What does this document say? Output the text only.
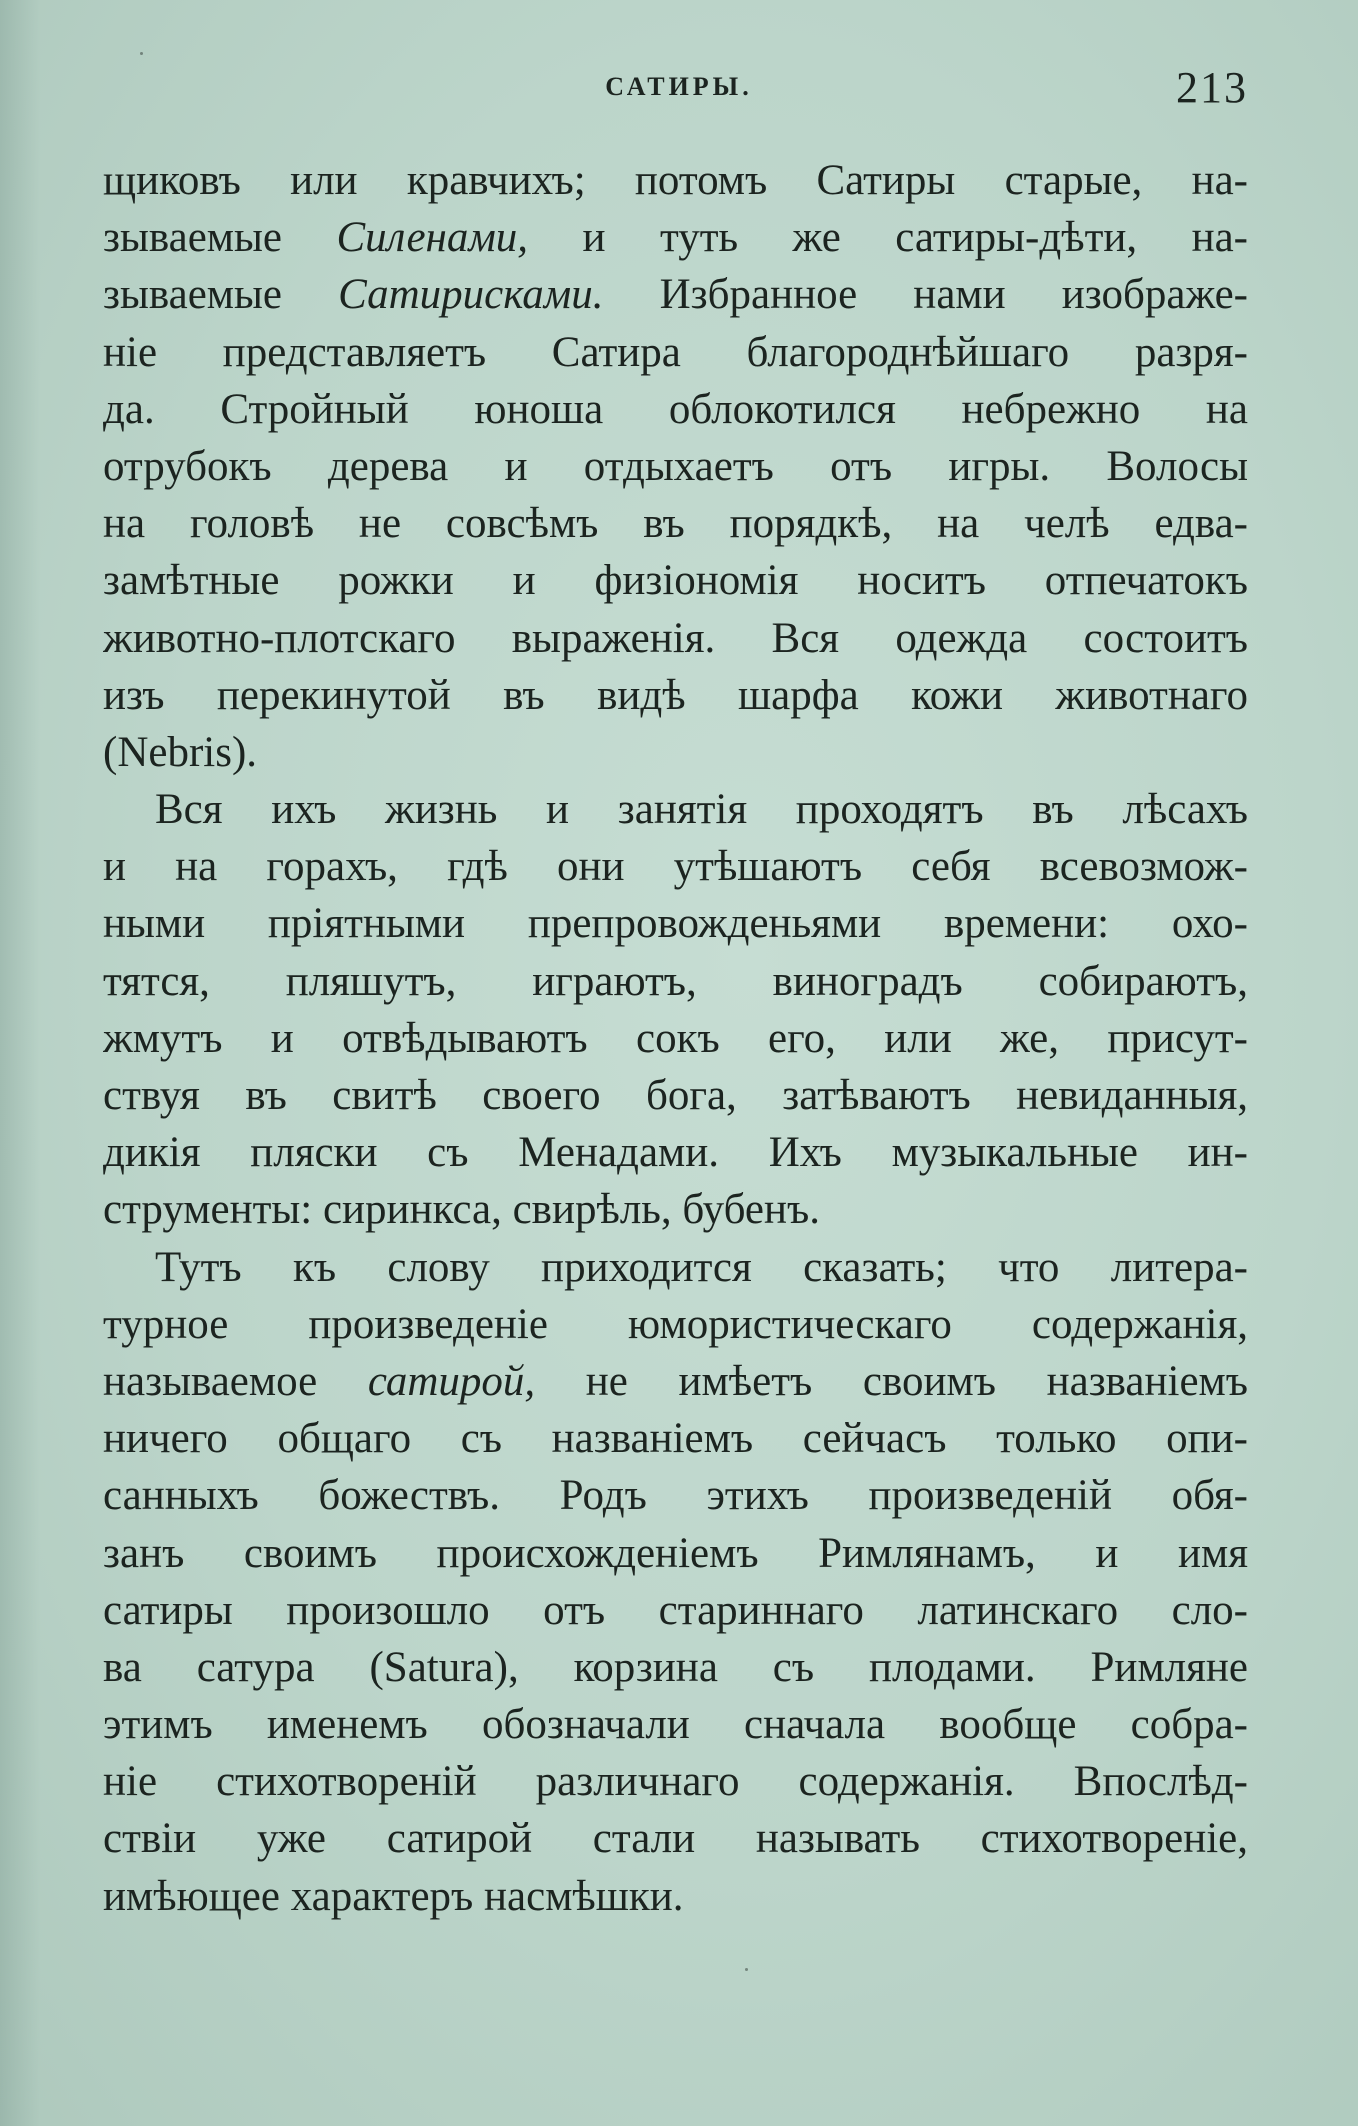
САТИРЫ.	213
щиковъ или кравчихъ; потомъ Сатиры старые, на-
зываемые Силенами, и туть же сатиры-дѣти, на-
зываемые Сатирисками. Избранное нами изображе-
ніе представляетъ Сатира благороднѣйшаго разря-
да. Стройный юноша облокотился небрежно на
отрубокъ дерева и отдыхаетъ отъ игры. Волосы
на головѣ не совсѣмъ въ порядкѣ, на челѣ едва-
замѣтные рожки и физіономія носитъ отпечатокъ
животно-плотскаго выраженія. Вся одежда состоитъ
изъ перекинутой въ видѣ шарфа кожи животнаго
(Nebris).
Вся ихъ жизнь и занятія проходятъ въ лѣсахъ
и на горахъ, гдѣ они утѣшаютъ себя всевозмож-
ными пріятными препровожденьями времени: охо-
тятся, пляшутъ, играютъ, виноградъ собираютъ,
жмутъ и отвѣдываютъ сокъ его, или же, присут-
ствуя въ свитѣ своего бога, затѣваютъ невиданныя,
дикія пляски съ Менадами. Ихъ музыкальные ин-
струменты: сиринкса, свирѣль, бубенъ.
Тутъ къ слову приходится сказать; что литера-
турное произведеніе юмористическаго содержанія,
называемое сатирой, не имѣетъ своимъ названіемъ
ничего общаго съ названіемъ сейчасъ только опи-
санныхъ божествъ. Родъ этихъ произведеній обя-
занъ своимъ происхожденіемъ Римлянамъ, и имя
сатиры произошло отъ стариннаго латинскаго сло-
ва сатура (Satura), корзина съ плодами. Римляне
этимъ именемъ обозначали сначала вообще собра-
ніе стихотвореній различнаго содержанія. Впослѣд-
ствіи уже сатирой стали называть стихотвореніе,
имѣющее характеръ насмѣшки.
